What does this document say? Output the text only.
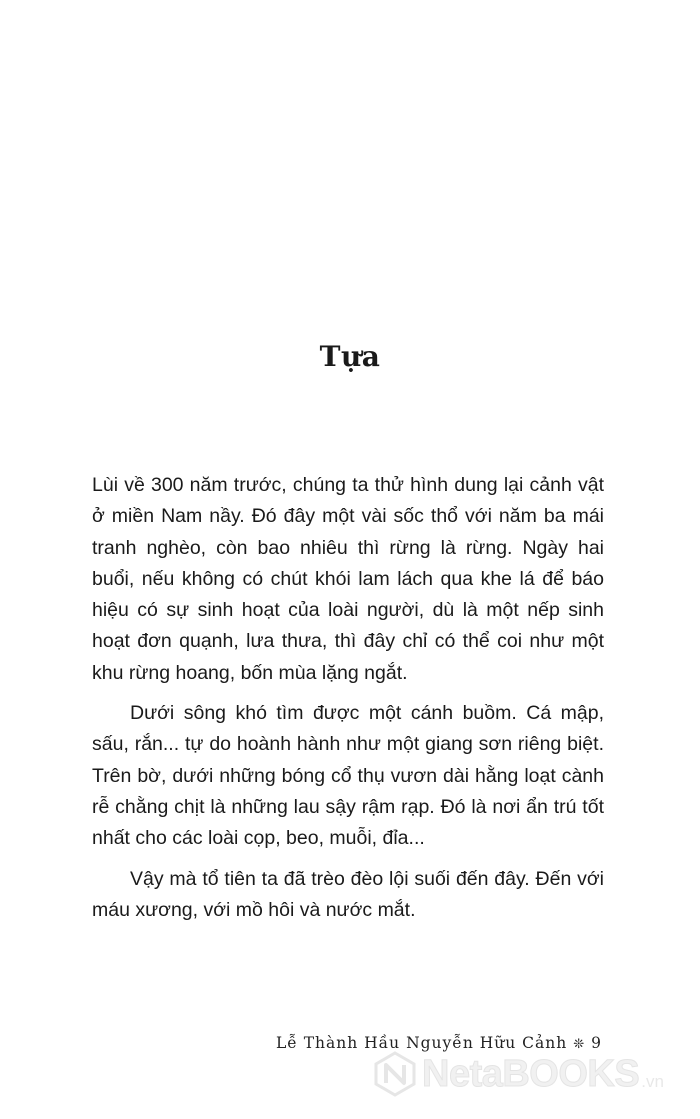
Tựa

Lùi về 300 năm trước, chúng ta thử hình dung lại cảnh vật ở miền Nam nầy. Đó đây một vài sốc thổ với năm ba mái tranh nghèo, còn bao nhiêu thì rừng là rừng. Ngày hai buổi, nếu không có chút khói lam lách qua khe lá để báo hiệu có sự sinh hoạt của loài người, dù là một nếp sinh hoạt đơn quạnh, lưa thưa, thì đây chỉ có thể coi như một khu rừng hoang, bốn mùa lặng ngắt.

Dưới sông khó tìm được một cánh buồm. Cá mập, sấu, rắn... tự do hoành hành như một giang sơn riêng biệt. Trên bờ, dưới những bóng cổ thụ vươn dài hằng loạt cành rễ chằng chịt là những lau sậy rậm rạp. Đó là nơi ẩn trú tốt nhất cho các loài cọp, beo, muỗi, đỉa...

Vậy mà tổ tiên ta đã trèo đèo lội suối đến đây. Đến với máu xương, với mồ hôi và nước mắt.

Lễ Thành Hầu Nguyễn Hữu Cảnh ❊ 9
NetaBOOKS .vn
